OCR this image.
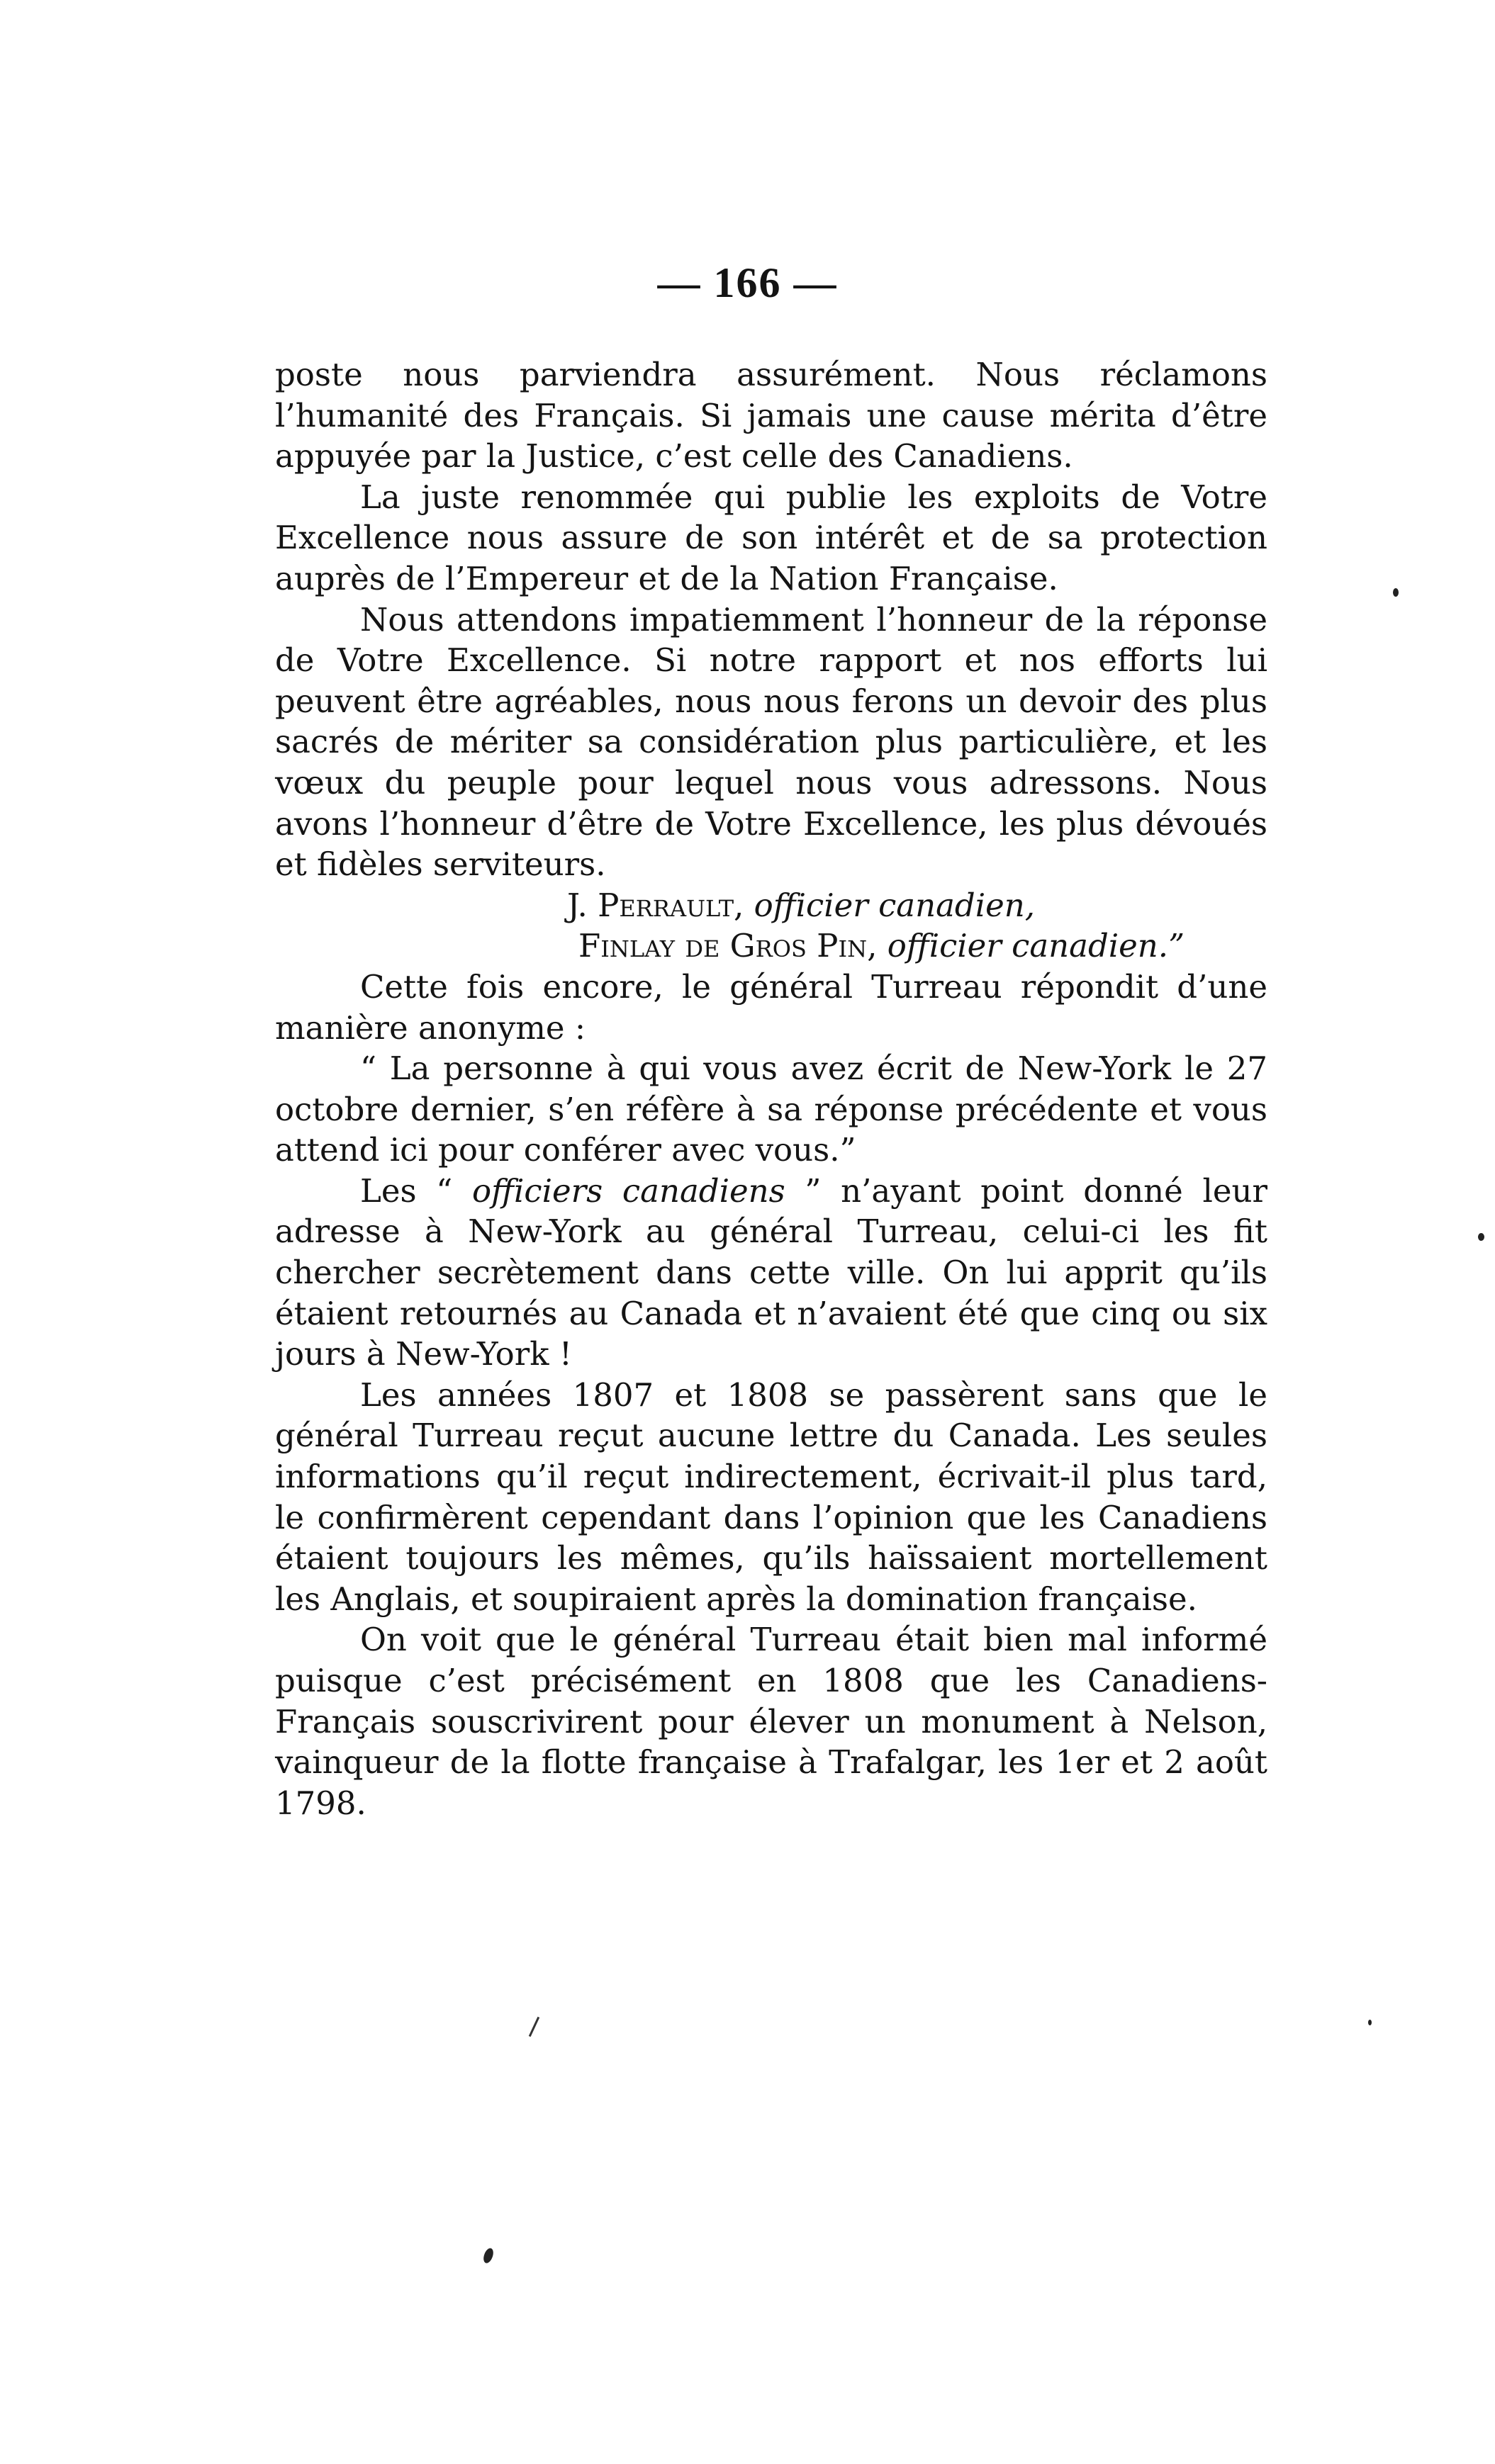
— 166 —

poste nous parviendra assurément. Nous réclamons l’humanité des Français. Si jamais une cause mérita d’être appuyée par la Justice, c’est celle des Canadiens.

La juste renommée qui publie les exploits de Votre Excellence nous assure de son intérêt et de sa protection auprès de l’Empereur et de la Nation Française.

Nous attendons impatiemment l’honneur de la réponse de Votre Excellence. Si notre rapport et nos efforts lui peuvent être agréables, nous nous ferons un devoir des plus sacrés de mériter sa considération plus particulière, et les vœux du peuple pour lequel nous vous adressons. Nous avons l’honneur d’être de Votre Excellence, les plus dévoués et fidèles serviteurs.

J. Perrault, officier canadien,

Finlay de Gros Pin, officier canadien.”

Cette fois encore, le général Turreau répondit d’une manière anonyme :

“ La personne à qui vous avez écrit de New-York le 27 octobre dernier, s’en réfère à sa réponse précédente et vous attend ici pour conférer avec vous.”

Les “ officiers canadiens ” n’ayant point donné leur adresse à New-York au général Turreau, celui-ci les fit chercher secrètement dans cette ville. On lui apprit qu’ils étaient retournés au Canada et n’avaient été que cinq ou six jours à New-York !

Les années 1807 et 1808 se passèrent sans que le général Turreau reçut aucune lettre du Canada. Les seules informations qu’il reçut indirectement, écrivait-il plus tard, le confirmèrent cependant dans l’opinion que les Canadiens étaient toujours les mêmes, qu’ils haïssaient mortellement les Anglais, et soupiraient après la domination française.

On voit que le général Turreau était bien mal informé puisque c’est précisément en 1808 que les Canadiens-Français souscrivirent pour élever un monument à Nelson, vainqueur de la flotte française à Trafalgar, les 1er et 2 août 1798.
